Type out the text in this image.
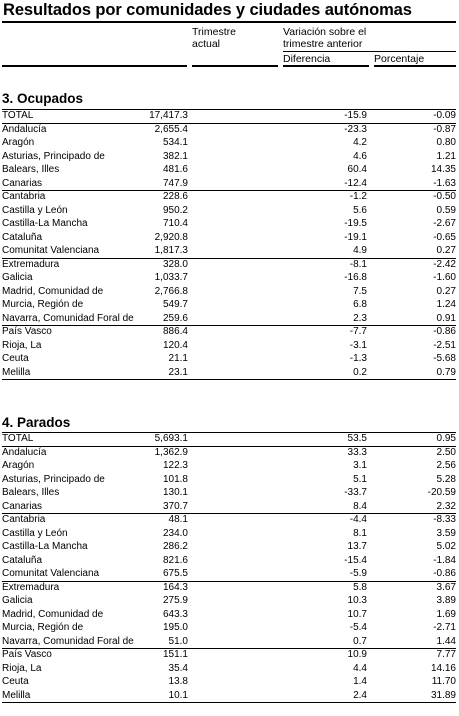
Resultados por comunidades y ciudades autónomas
Trimestre
actual
Variación sobre el
trimestre anterior
Diferencia	Porcentaje
3. Ocupados
TOTAL	17,417.3	-15.9	-0.09
Andalucía	2,655.4	-23.3	-0.87
Aragón	534.1	4.2	0.80
Asturias, Principado de	382.1	4.6	1.21
Balears, Illes	481.6	60.4	14.35
Canarias	747.9	-12.4	-1.63
Cantabria	228.6	-1.2	-0.50
Castilla y León	950.2	5.6	0.59
Castilla-La Mancha	710.4	-19.5	-2.67
Cataluña	2,920.8	-19.1	-0.65
Comunitat Valenciana	1,817.3	4.9	0.27
Extremadura	328.0	-8.1	-2.42
Galicia	1,033.7	-16.8	-1.60
Madrid, Comunidad de	2,766.8	7.5	0.27
Murcia, Región de	549.7	6.8	1.24
Navarra, Comunidad Foral de	259.6	2.3	0.91
País Vasco	886.4	-7.7	-0.86
Rioja, La	120.4	-3.1	-2.51
Ceuta	21.1	-1.3	-5.68
Melilla	23.1	0.2	0.79
4. Parados
TOTAL	5,693.1	53.5	0.95
Andalucía	1,362.9	33.3	2.50
Aragón	122.3	3.1	2.56
Asturias, Principado de	101.8	5.1	5.28
Balears, Illes	130.1	-33.7	-20.59
Canarias	370.7	8.4	2.32
Cantabria	48.1	-4.4	-8.33
Castilla y León	234.0	8.1	3.59
Castilla-La Mancha	286.2	13.7	5.02
Cataluña	821.6	-15.4	-1.84
Comunitat Valenciana	675.5	-5.9	-0.86
Extremadura	164.3	5.8	3.67
Galicia	275.9	10.3	3.89
Madrid, Comunidad de	643.3	10.7	1.69
Murcia, Región de	195.0	-5.4	-2.71
Navarra, Comunidad Foral de	51.0	0.7	1.44
País Vasco	151.1	10.9	7.77
Rioja, La	35.4	4.4	14.16
Ceuta	13.8	1.4	11.70
Melilla	10.1	2.4	31.89
